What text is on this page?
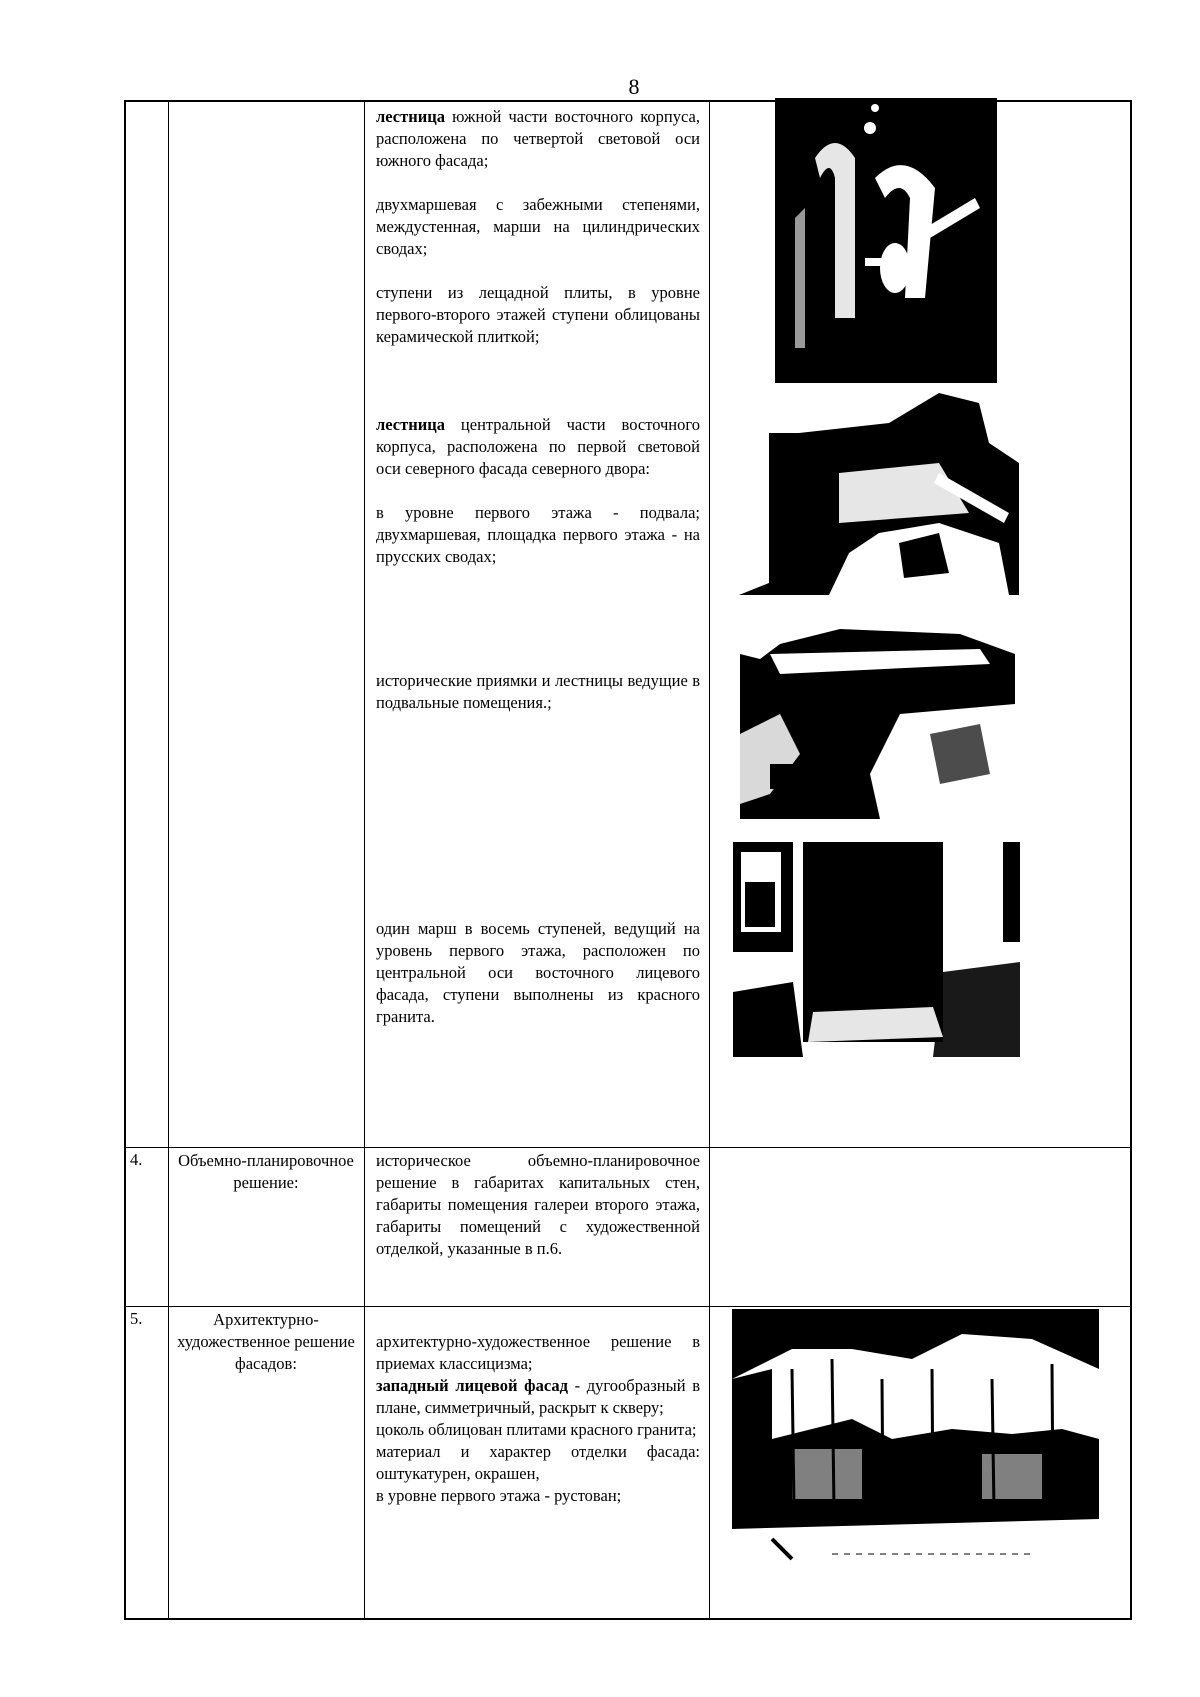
8

лестница южной части восточного корпуса, расположена по четвертой световой оси южного фасада;

двухмаршевая с забежными степенями, междустенная, марши на цилиндрических сводах;

ступени из лещадной плиты, в уровне первого-второго этажей ступени облицованы керамической плиткой;

лестница центральной части восточного корпуса, расположена по первой световой оси северного фасада северного двора:

в уровне первого этажа - подвала; двухмаршевая, площадка первого этажа - на прусских сводах;

исторические приямки и лестницы ведущие в подвальные помещения.;

один марш в восемь ступеней, ведущий на уровень первого этажа, расположен по центральной оси восточного лицевого фасада, ступени выполнены из красного гранита.

4. Объемно-планировочное решение:

историческое объемно-планировочное решение в габаритах капитальных стен, габариты помещения галереи второго этажа, габариты помещений с художественной отделкой, указанные в п.6.

5.	Архитектурно-художественное решение фасадов:
архитектурно-художественное решение в приемах классицизма;
западный лицевой фасад - дугообразный в плане, симметричный, раскрыт к скверу;
цоколь облицован плитами красного гранита;
материал и характер отделки фасада: оштукатурен, окрашен,
в уровне первого этажа - рустован;
